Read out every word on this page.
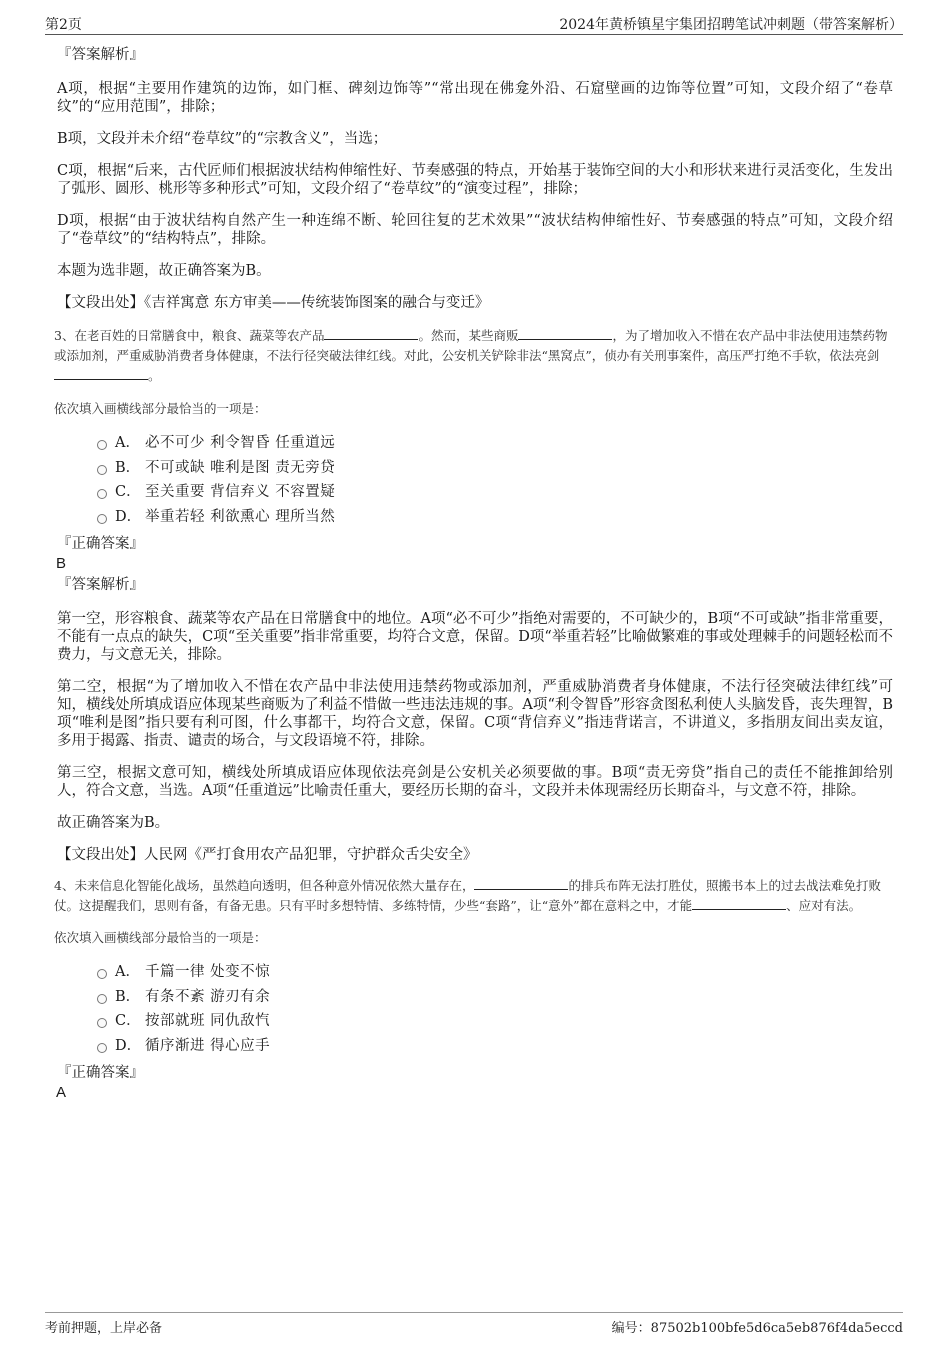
第2页	2024年黄桥镇星宇集团招聘笔试冲刺题（带答案解析）

『答案解析』

A项，根据“主要用作建筑的边饰，如门框、碑刻边饰等”“常出现在佛龛外沿、石窟壁画的边饰等位置”可知，文段介绍了“卷草纹”的“应用范围”，排除；

B项，文段并未介绍“卷草纹”的“宗教含义”，当选；

C项，根据“后来，古代匠师们根据波状结构伸缩性好、节奏感强的特点，开始基于装饰空间的大小和形状来进行灵活变化，生发出了弧形、圆形、桃形等多种形式”可知，文段介绍了“卷草纹”的“演变过程”，排除；

D项，根据“由于波状结构自然产生一种连绵不断、轮回往复的艺术效果”“波状结构伸缩性好、节奏感强的特点”可知，文段介绍了“卷草纹”的“结构特点”，排除。

本题为选非题，故正确答案为B。

【文段出处】《吉祥寓意 东方审美——传统装饰图案的融合与变迁》

3、在老百姓的日常膳食中，粮食、蔬菜等农产品	。然而，某些商贩	，为了增加收入不惜在农产品中非法使用违禁药物或添加剂，严重威胁消费者身体健康，不法行径突破法律红线。对此，公安机关铲除非法“黑窝点”，侦办有关刑事案件，高压严打绝不手软，依法亮剑。

依次填入画横线部分最恰当的一项是：

A． 必不可少 利令智昏 任重道远
B． 不可或缺 唯利是图 责无旁贷
C． 至关重要 背信弃义 不容置疑
D． 举重若轻 利欲熏心 理所当然

『正确答案』

B

『答案解析』

第一空，形容粮食、蔬菜等农产品在日常膳食中的地位。A项“必不可少”指绝对需要的，不可缺少的，B项“不可或缺”指非常重要，不能有一点点的缺失，C项“至关重要”指非常重要，均符合文意，保留。D项“举重若轻”比喻做繁难的事或处理棘手的问题轻松而不费力，与文意无关，排除。

第二空，根据“为了增加收入不惜在农产品中非法使用违禁药物或添加剂，严重威胁消费者身体健康，不法行径突破法律红线”可知，横线处所填成语应体现某些商贩为了利益不惜做一些违法违规的事。A项“利令智昏”形容贪图私利使人头脑发昏，丧失理智，B项“唯利是图”指只要有利可图，什么事都干，均符合文意，保留。C项“背信弃义”指违背诺言，不讲道义，多指朋友间出卖友谊，多用于揭露、指责、谴责的场合，与文段语境不符，排除。

第三空，根据文意可知，横线处所填成语应体现依法亮剑是公安机关必须要做的事。B项“责无旁贷”指自己的责任不能推卸给别人，符合文意，当选。A项“任重道远”比喻责任重大，要经历长期的奋斗，文段并未体现需经历长期奋斗，与文意不符，排除。

故正确答案为B。

【文段出处】人民网《严打食用农产品犯罪，守护群众舌尖安全》

4、未来信息化智能化战场，虽然趋向透明，但各种意外情况依然大量存在，	的排兵布阵无法打胜仗，照搬书本上的过去战法难免打败仗。这提醒我们，思则有备，有备无患。只有平时多想特情、多练特情，少些“套路”，让“意外”都在意料之中，才能	、应对有法。

依次填入画横线部分最恰当的一项是：

A． 千篇一律 处变不惊
B． 有条不紊 游刃有余
C． 按部就班 同仇敌忾
D． 循序渐进 得心应手

『正确答案』

A

考前押题，上岸必备	编号：87502b100bfe5d6ca5eb876f4da5eccd
